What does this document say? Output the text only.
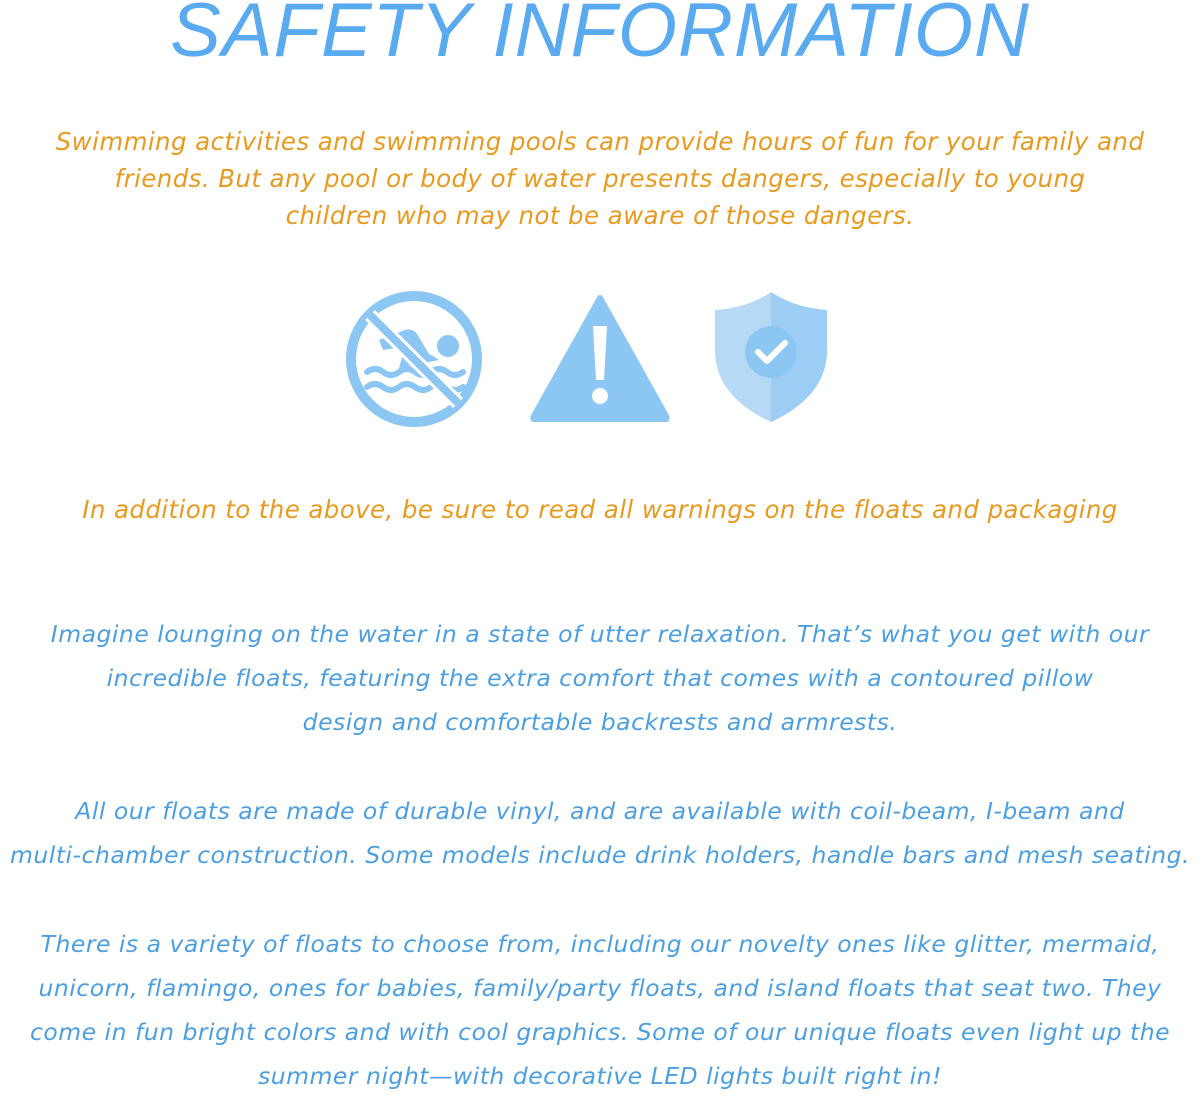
SAFETY INFORMATION
Swimming activities and swimming pools can provide hours of fun for your family and
friends. But any pool or body of water presents dangers, especially to young
children who may not be aware of those dangers.
In addition to the above, be sure to read all warnings on the floats and packaging
Imagine lounging on the water in a state of utter relaxation. That’s what you get with our
incredible floats, featuring the extra comfort that comes with a contoured pillow
design and comfortable backrests and armrests.
All our floats are made of durable vinyl, and are available with coil-beam, I-beam and
multi-chamber construction. Some models include drink holders, handle bars and mesh seating.
There is a variety of floats to choose from, including our novelty ones like glitter, mermaid,
unicorn, flamingo, ones for babies, family/party floats, and island floats that seat two. They
come in fun bright colors and with cool graphics. Some of our unique floats even light up the
summer night—with decorative LED lights built right in!
